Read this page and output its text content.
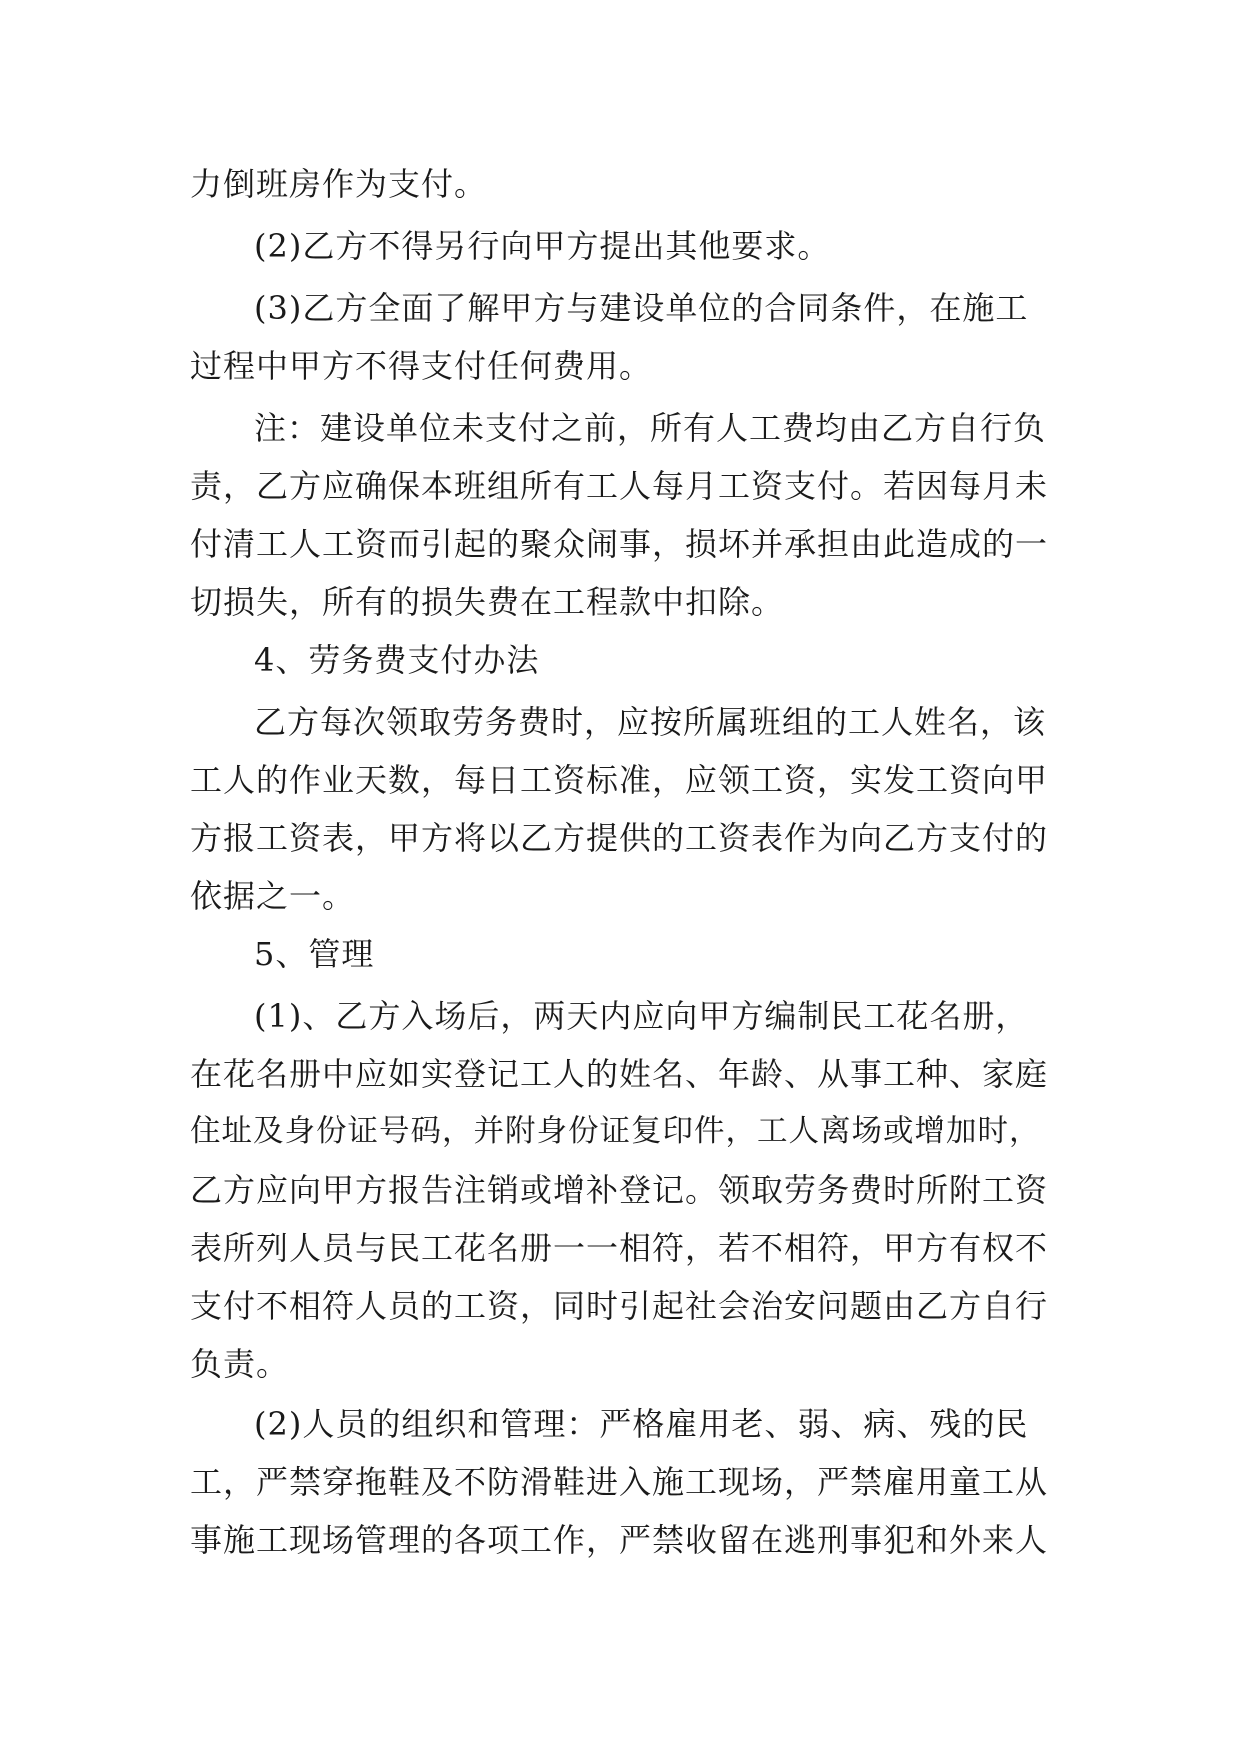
力倒班房作为支付。
(2)乙方不得另行向甲方提出其他要求。
(3)乙方全面了解甲方与建设单位的合同条件，在施工
过程中甲方不得支付任何费用。
注：建设单位未支付之前，所有人工费均由乙方自行负
责，乙方应确保本班组所有工人每月工资支付。若因每月未
付清工人工资而引起的聚众闹事，损坏并承担由此造成的一
切损失，所有的损失费在工程款中扣除。
4、劳务费支付办法
乙方每次领取劳务费时，应按所属班组的工人姓名，该
工人的作业天数，每日工资标准，应领工资，实发工资向甲
方报工资表，甲方将以乙方提供的工资表作为向乙方支付的
依据之一。
5、管理
(1)、乙方入场后，两天内应向甲方编制民工花名册，
在花名册中应如实登记工人的姓名、年龄、从事工种、家庭
住址及身份证号码，并附身份证复印件，工人离场或增加时，
乙方应向甲方报告注销或增补登记。领取劳务费时所附工资
表所列人员与民工花名册一一相符，若不相符，甲方有权不
支付不相符人员的工资，同时引起社会治安问题由乙方自行
负责。
(2)人员的组织和管理：严格雇用老、弱、病、残的民
工，严禁穿拖鞋及不防滑鞋进入施工现场，严禁雇用童工从
事施工现场管理的各项工作，严禁收留在逃刑事犯和外来人
